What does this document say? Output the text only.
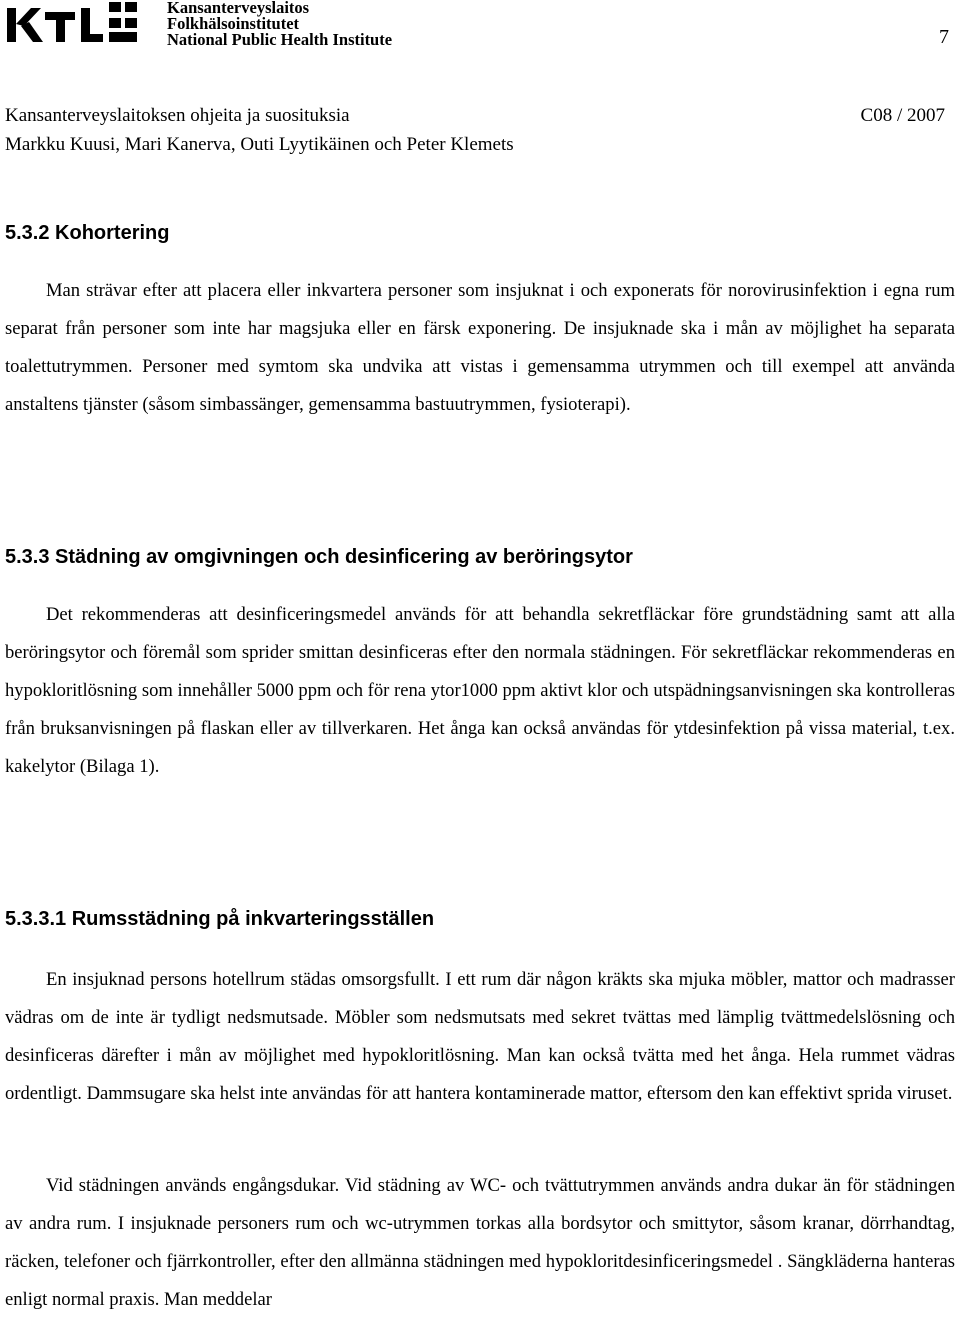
Kansanterveyslaitos
Folkhälsoinstitutet
National Public Health Institute	7
Kansanterveyslaitoksen ohjeita ja suosituksia	C08 / 2007
Markku Kuusi, Mari Kanerva, Outi Lyytikäinen och Peter Klemets
5.3.2 Kohortering

Man strävar efter att placera eller inkvartera personer som insjuknat i och exponerats för norovirusinfektion i egna rum separat från personer som inte har magsjuka eller en färsk exponering. De insjuknade ska i mån av möjlighet ha separata toalettutrymmen. Personer med symtom ska undvika att vistas i gemensamma utrymmen och till exempel att använda anstaltens tjänster (såsom simbassänger, gemensamma bastuutrymmen, fysioterapi).

5.3.3 Städning av omgivningen och desinficering av beröringsytor

Det rekommenderas att desinficeringsmedel används för att behandla sekretfläckar före grundstädning samt att alla beröringsytor och föremål som sprider smittan desinficeras efter den normala städningen. För sekretfläckar rekommenderas en hypokloritlösning som innehåller 5000 ppm och för rena ytor1000 ppm aktivt klor och utspädningsanvisningen ska kontrolleras från bruksanvisningen på flaskan eller av tillverkaren. Het ånga kan också användas för ytdesinfektion på vissa material, t.ex. kakelytor (Bilaga 1).

5.3.3.1 Rumsstädning på inkvarteringsställen

En insjuknad persons hotellrum städas omsorgsfullt. I ett rum där någon kräkts ska mjuka möbler, mattor och madrasser vädras om de inte är tydligt nedsmutsade. Möbler som nedsmutsats med sekret tvättas med lämplig tvättmedelslösning och desinficeras därefter i mån av möjlighet med hypokloritlösning. Man kan också tvätta med het ånga. Hela rummet vädras ordentligt. Dammsugare ska helst inte användas för att hantera kontaminerade mattor, eftersom den kan effektivt sprida viruset.

Vid städningen används engångsdukar. Vid städning av WC- och tvättutrymmen används andra dukar än för städningen av andra rum. I insjuknade personers rum och wc-utrymmen torkas alla bordsytor och smittytor, såsom kranar, dörrhandtag, räcken, telefoner och fjärrkontroller, efter den allmänna städningen med hypokloritdesinficeringsmedel . Sängkläderna hanteras enligt normal praxis. Man meddelar
